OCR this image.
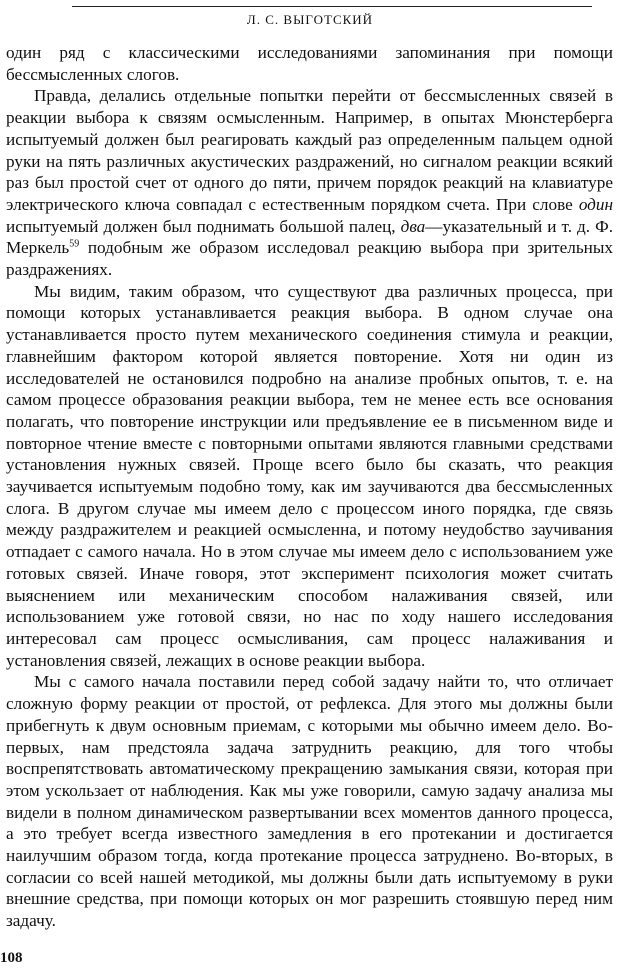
Л. С. ВЫГОТСКИЙ

один ряд с классическими исследованиями запоминания при помощи бессмысленных слогов.

Правда, делались отдельные попытки перейти от бессмысленных связей в реакции выбора к связям осмысленным. Например, в опытах Мюнстерберга испытуемый должен был реагировать каждый раз определенным пальцем одной руки на пять различных акустических раздражений, но сигналом реакции всякий раз был простой счет от одного до пяти, причем порядок реакций на клавиатуре электрического ключа совпадал с естественным порядком счета. При слове один испытуемый должен был поднимать большой палец, два—указательный и т. д. Ф. Меркель$^{59}$ подобным же образом исследовал реакцию выбора при зрительных раздражениях.

Мы видим, таким образом, что существуют два различных процесса, при помощи которых устанавливается реакция выбора. В одном случае она устанавливается просто путем механического соединения стимула и реакции, главнейшим фактором которой является повторение. Хотя ни один из исследователей не остановился подробно на анализе пробных опытов, т. е. на самом процессе образования реакции выбора, тем не менее есть все основания полагать, что повторение инструкции или предъявление ее в письменном виде и повторное чтение вместе с повторными опытами являются главными средствами установления нужных связей. Проще всего было бы сказать, что реакция заучивается испытуемым подобно тому, как им заучиваются два бессмысленных слога. В другом случае мы имеем дело с процессом иного порядка, где связь между раздражителем и реакцией осмысленна, и потому неудобство заучивания отпадает с самого начала. Но в этом случае мы имеем дело с использованием уже готовых связей. Иначе говоря, этот эксперимент психология может считать выяснением или механическим способом налаживания связей, или использованием уже готовой связи, но нас по ходу нашего исследования интересовал сам процесс осмысливания, сам процесс налаживания и установления связей, лежащих в основе реакции выбора.

Мы с самого начала поставили перед собой задачу найти то, что отличает сложную форму реакции от простой, от рефлекса. Для этого мы должны были прибегнуть к двум основным приемам, с которыми мы обычно имеем дело. Во-первых, нам предстояла задача затруднить реакцию, для того чтобы воспрепятствовать автоматическому прекращению замыкания связи, которая при этом ускользает от наблюдения. Как мы уже говорили, самую задачу анализа мы видели в полном динамическом развертывании всех моментов данного процесса, а это требует всегда известного замедления в его протекании и достигается наилучшим образом тогда, когда протекание процесса затруднено. Во-вторых, в согласии со всей нашей методикой, мы должны были дать испытуемому в руки внешние средства, при помощи которых он мог разрешить стоявшую перед ним задачу.

108
